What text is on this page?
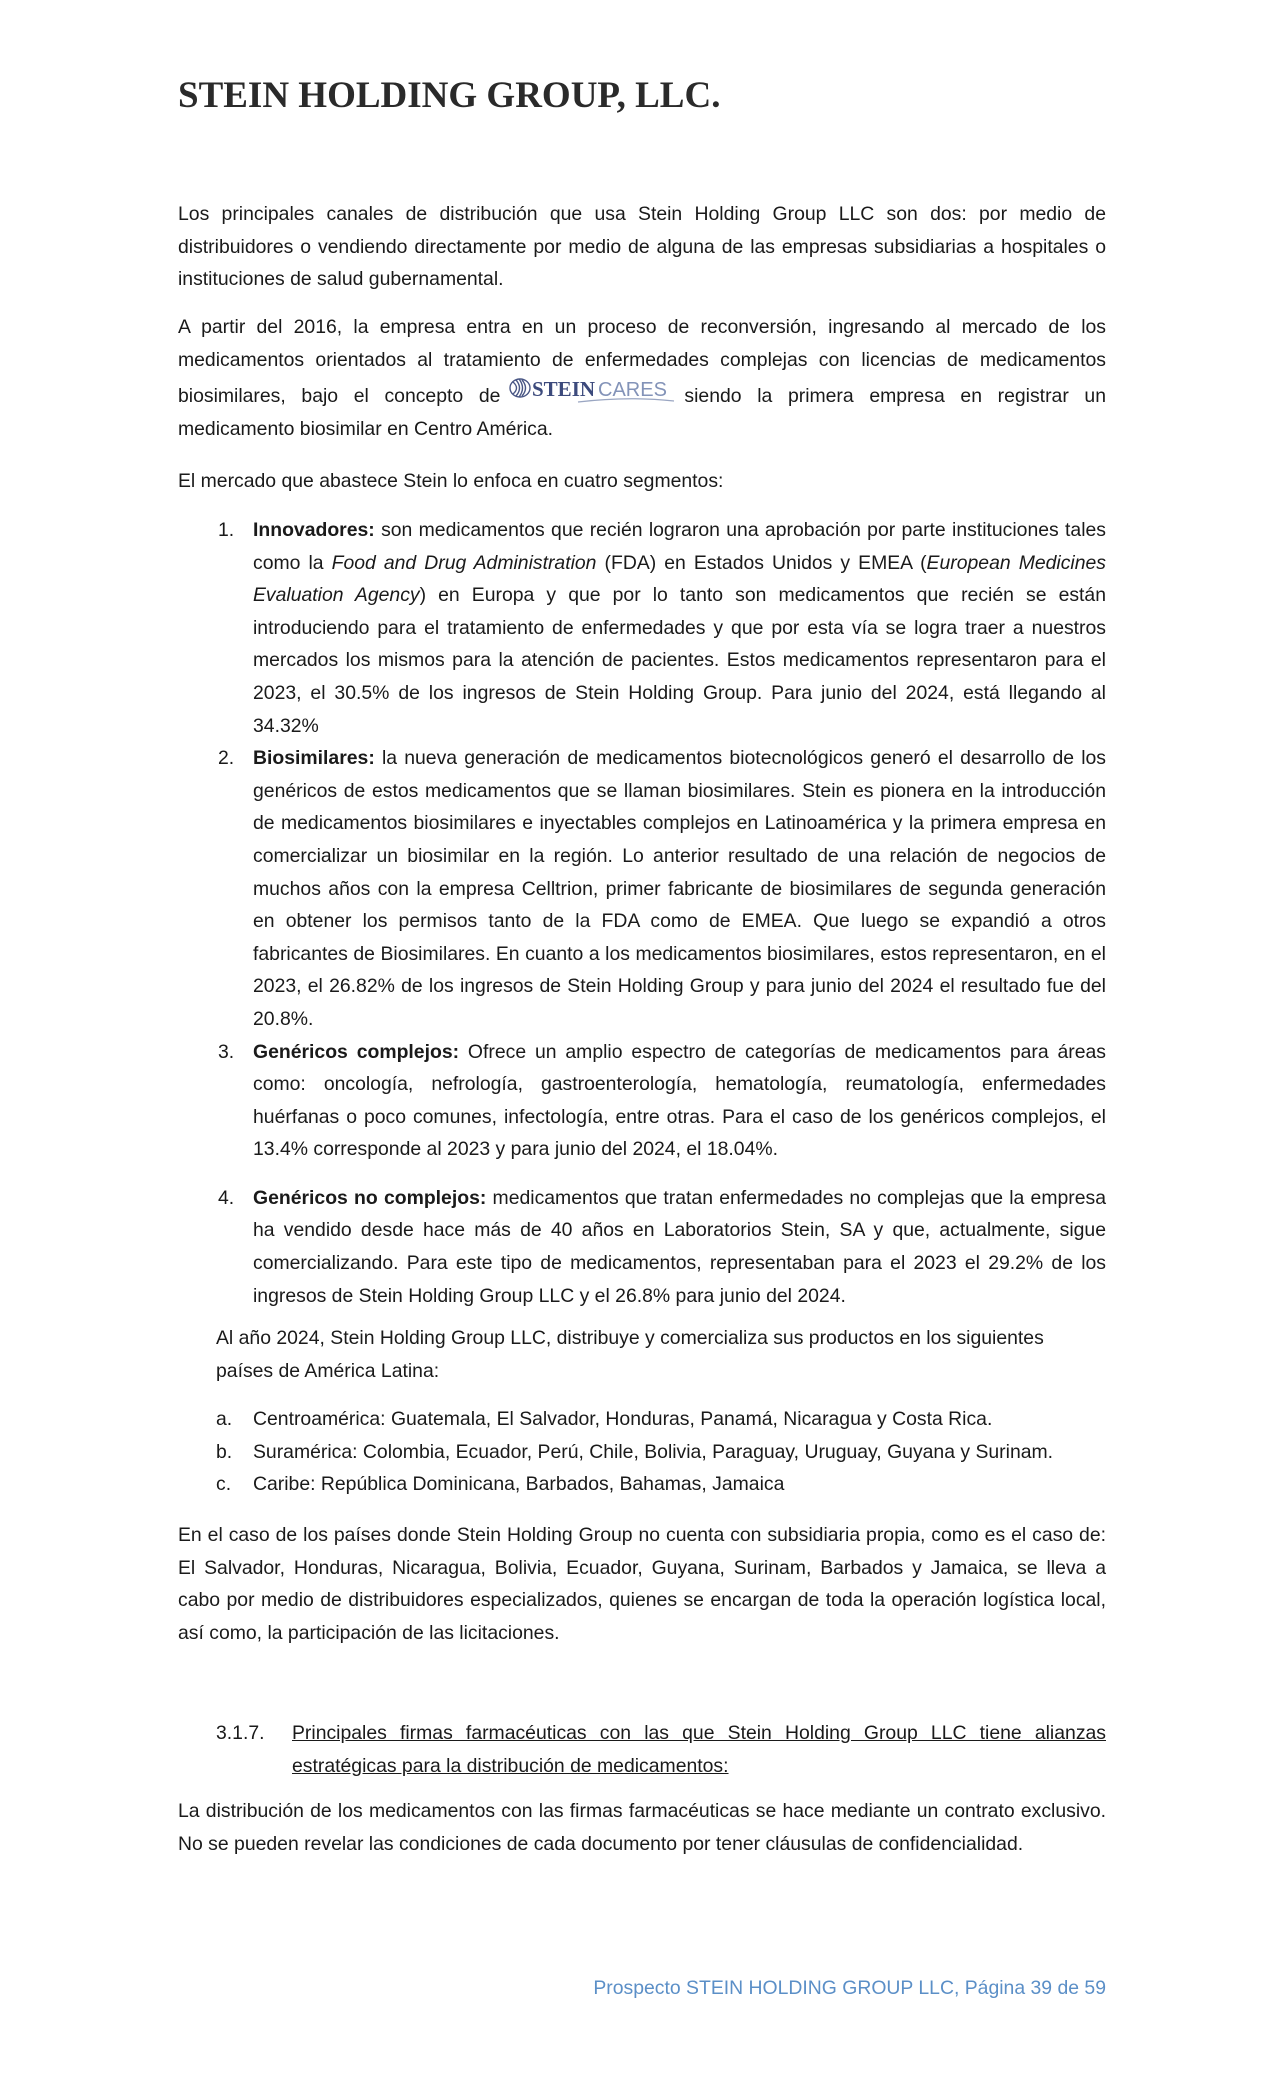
STEIN HOLDING GROUP, LLC.

Los principales canales de distribución que usa Stein Holding Group LLC son dos: por medio de distribuidores o vendiendo directamente por medio de alguna de las empresas subsidiarias a hospitales o instituciones de salud gubernamental.

A partir del 2016, la empresa entra en un proceso de reconversión, ingresando al mercado de los medicamentos orientados al tratamiento de enfermedades complejas con licencias de medicamentos biosimilares, bajo el concepto de STEIN CARES siendo la primera empresa en registrar un medicamento biosimilar en Centro América.

El mercado que abastece Stein lo enfoca en cuatro segmentos:

1. Innovadores: son medicamentos que recién lograron una aprobación por parte instituciones tales como la Food and Drug Administration (FDA) en Estados Unidos y EMEA (European Medicines Evaluation Agency) en Europa y que por lo tanto son medicamentos que recién se están introduciendo para el tratamiento de enfermedades y que por esta vía se logra traer a nuestros mercados los mismos para la atención de pacientes. Estos medicamentos representaron para el 2023, el 30.5% de los ingresos de Stein Holding Group. Para junio del 2024, está llegando al 34.32%
2. Biosimilares: la nueva generación de medicamentos biotecnológicos generó el desarrollo de los genéricos de estos medicamentos que se llaman biosimilares. Stein es pionera en la introducción de medicamentos biosimilares e inyectables complejos en Latinoamérica y la primera empresa en comercializar un biosimilar en la región. Lo anterior resultado de una relación de negocios de muchos años con la empresa Celltrion, primer fabricante de biosimilares de segunda generación en obtener los permisos tanto de la FDA como de EMEA. Que luego se expandió a otros fabricantes de Biosimilares. En cuanto a los medicamentos biosimilares, estos representaron, en el 2023, el 26.82% de los ingresos de Stein Holding Group y para junio del 2024 el resultado fue del 20.8%.
3. Genéricos complejos: Ofrece un amplio espectro de categorías de medicamentos para áreas como: oncología, nefrología, gastroenterología, hematología, reumatología, enfermedades huérfanas o poco comunes, infectología, entre otras. Para el caso de los genéricos complejos, el 13.4% corresponde al 2023 y para junio del 2024, el 18.04%.
4. Genéricos no complejos: medicamentos que tratan enfermedades no complejas que la empresa ha vendido desde hace más de 40 años en Laboratorios Stein, SA y que, actualmente, sigue comercializando. Para este tipo de medicamentos, representaban para el 2023 el 29.2% de los ingresos de Stein Holding Group LLC y el 26.8% para junio del 2024.

Al año 2024, Stein Holding Group LLC, distribuye y comercializa sus productos en los siguientes países de América Latina:

a. Centroamérica: Guatemala, El Salvador, Honduras, Panamá, Nicaragua y Costa Rica.
b. Suramérica: Colombia, Ecuador, Perú, Chile, Bolivia, Paraguay, Uruguay, Guyana y Surinam.
c. Caribe: República Dominicana, Barbados, Bahamas, Jamaica

En el caso de los países donde Stein Holding Group no cuenta con subsidiaria propia, como es el caso de: El Salvador, Honduras, Nicaragua, Bolivia, Ecuador, Guyana, Surinam, Barbados y Jamaica, se lleva a cabo por medio de distribuidores especializados, quienes se encargan de toda la operación logística local, así como, la participación de las licitaciones.

3.1.7.	Principales firmas farmacéuticas con las que Stein Holding Group LLC tiene alianzas estratégicas para la distribución de medicamentos:

La distribución de los medicamentos con las firmas farmacéuticas se hace mediante un contrato exclusivo. No se pueden revelar las condiciones de cada documento por tener cláusulas de confidencialidad.

Prospecto STEIN HOLDING GROUP LLC, Página 39 de 59
